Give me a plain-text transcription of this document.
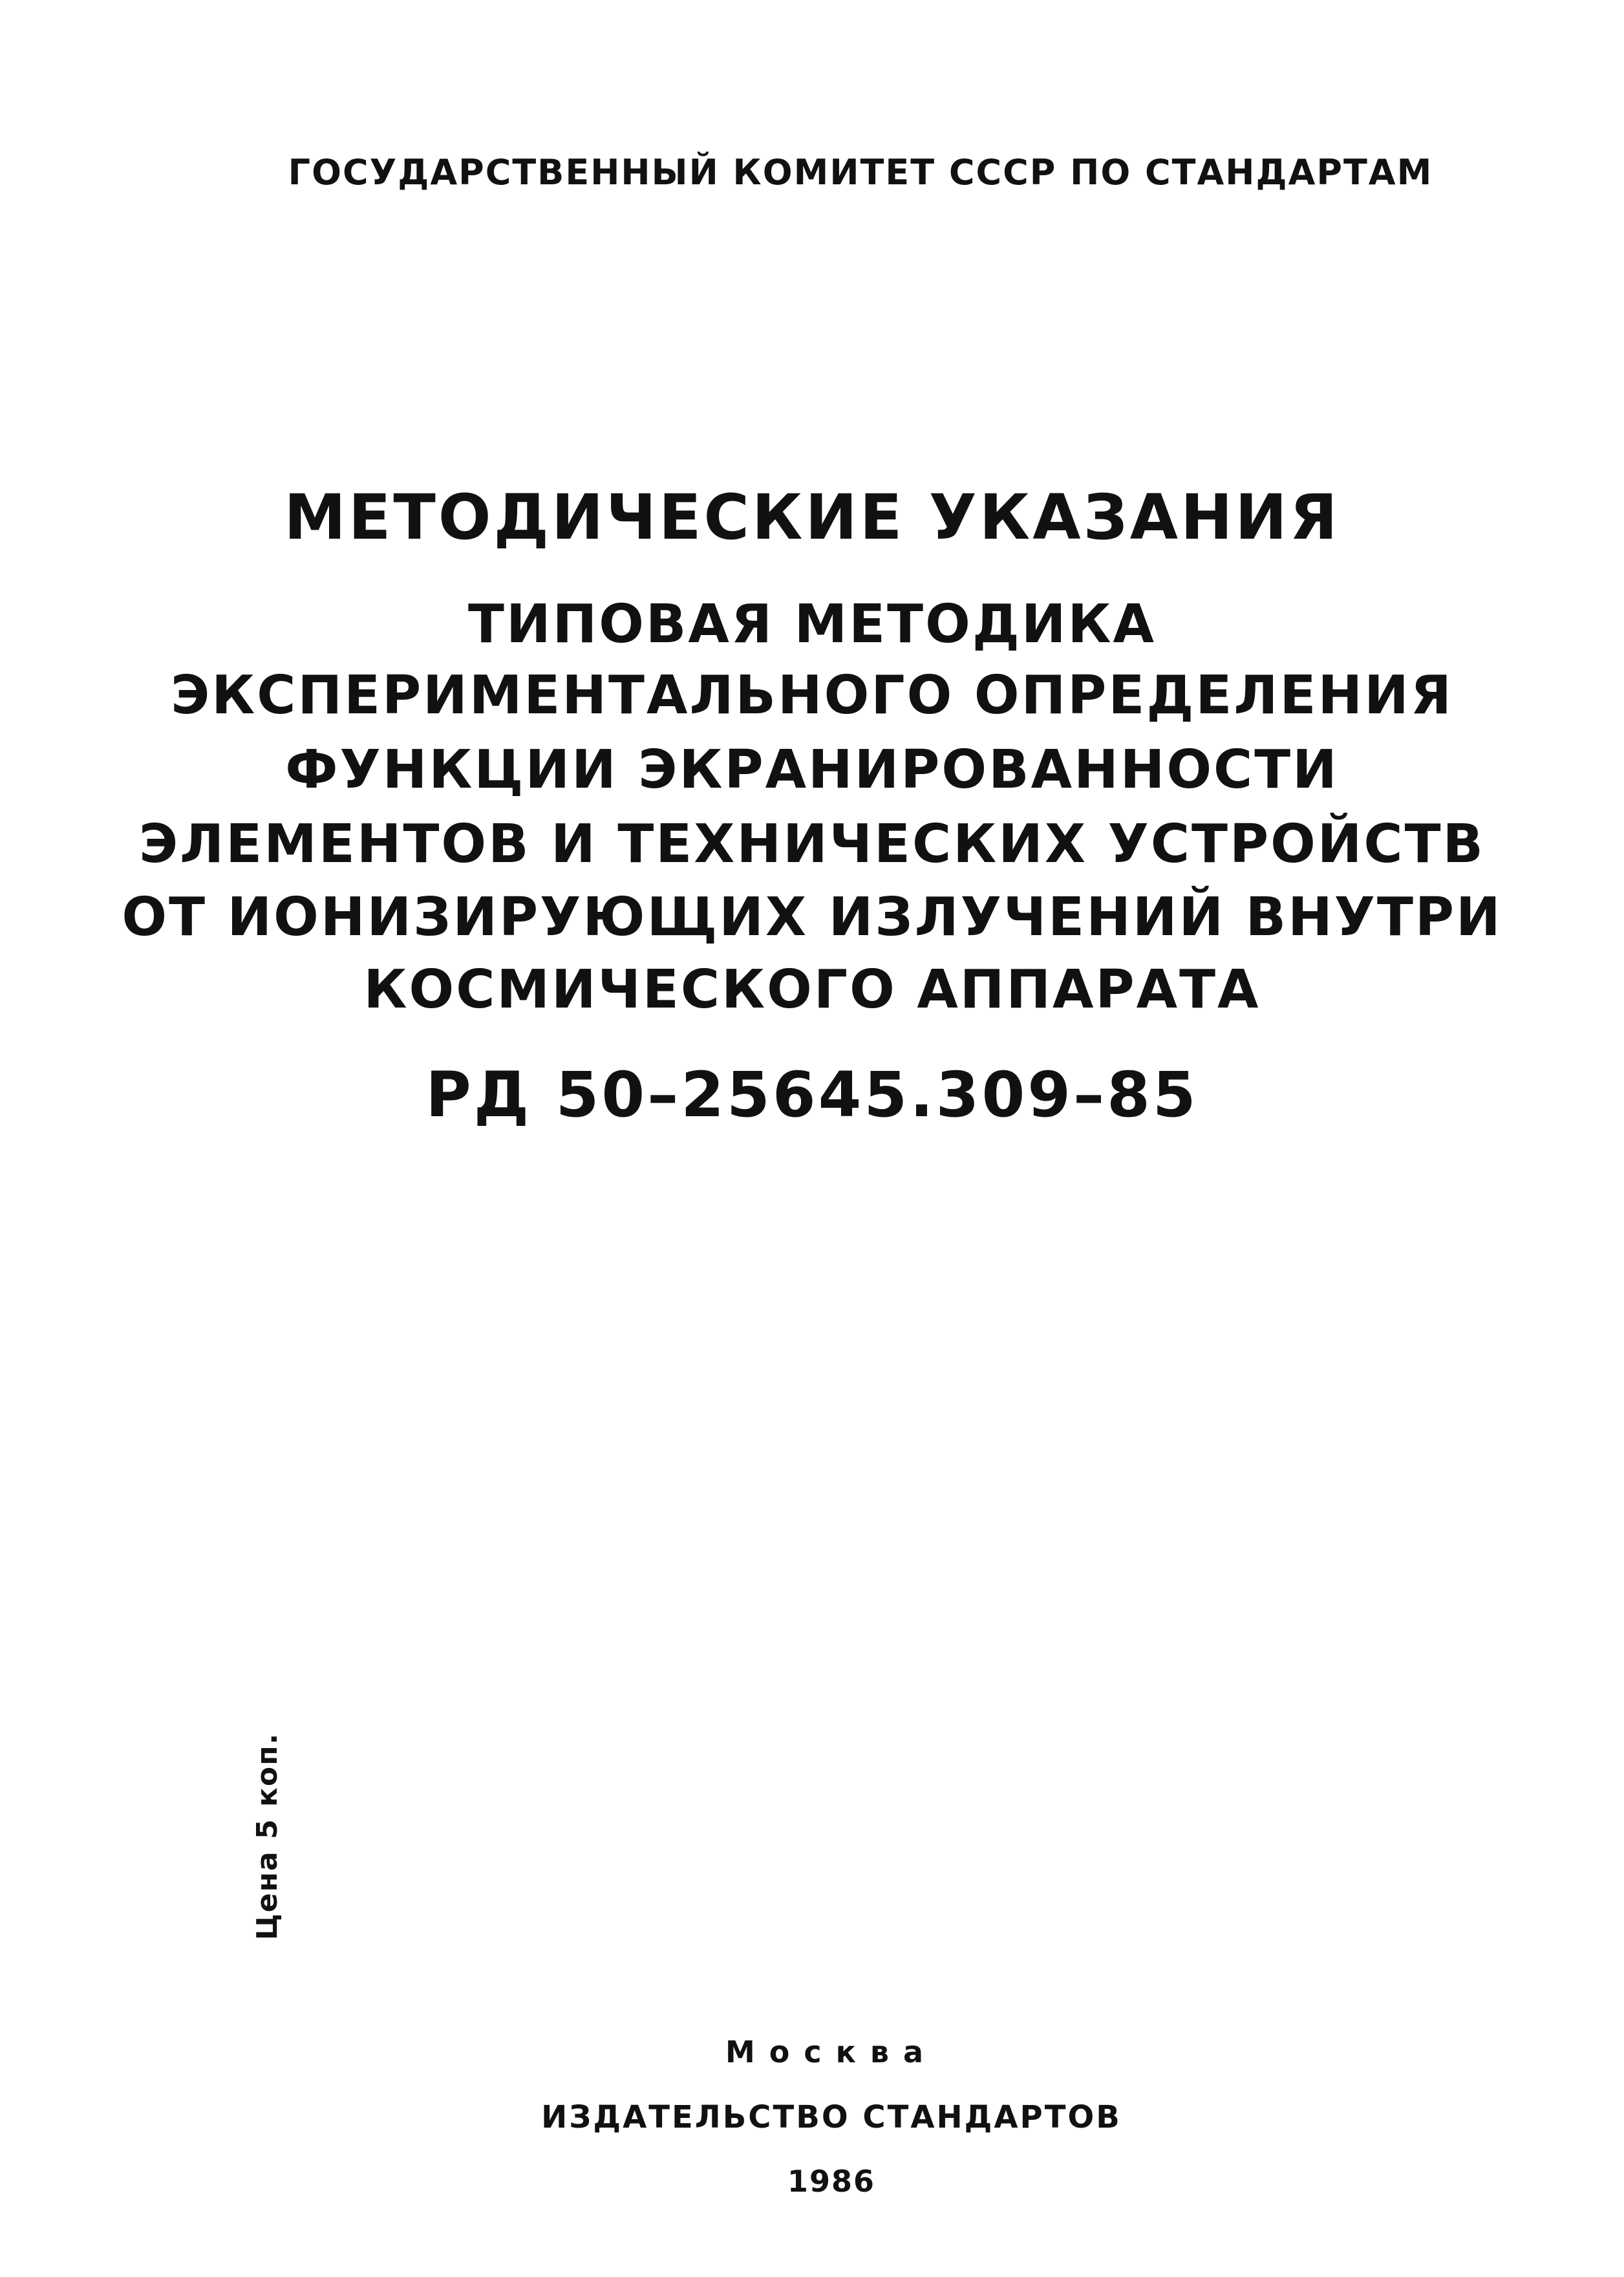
ГОСУДАРСТВЕННЫЙ КОМИТЕТ СССР ПО СТАНДАРТАМ
МЕТОДИЧЕСКИЕ УКАЗАНИЯ
ТИПОВАЯ МЕТОДИКА
ЭКСПЕРИМЕНТАЛЬНОГО ОПРЕДЕЛЕНИЯ
ФУНКЦИИ ЭКРАНИРОВАННОСТИ
ЭЛЕМЕНТОВ И ТЕХНИЧЕСКИХ УСТРОЙСТВ
ОТ ИОНИЗИРУЮЩИХ ИЗЛУЧЕНИЙ ВНУТРИ
КОСМИЧЕСКОГО АППАРАТА
РД 50–25645.309–85
Цена 5 коп.
Москва
ИЗДАТЕЛЬСТВО СТАНДАРТОВ
1986
